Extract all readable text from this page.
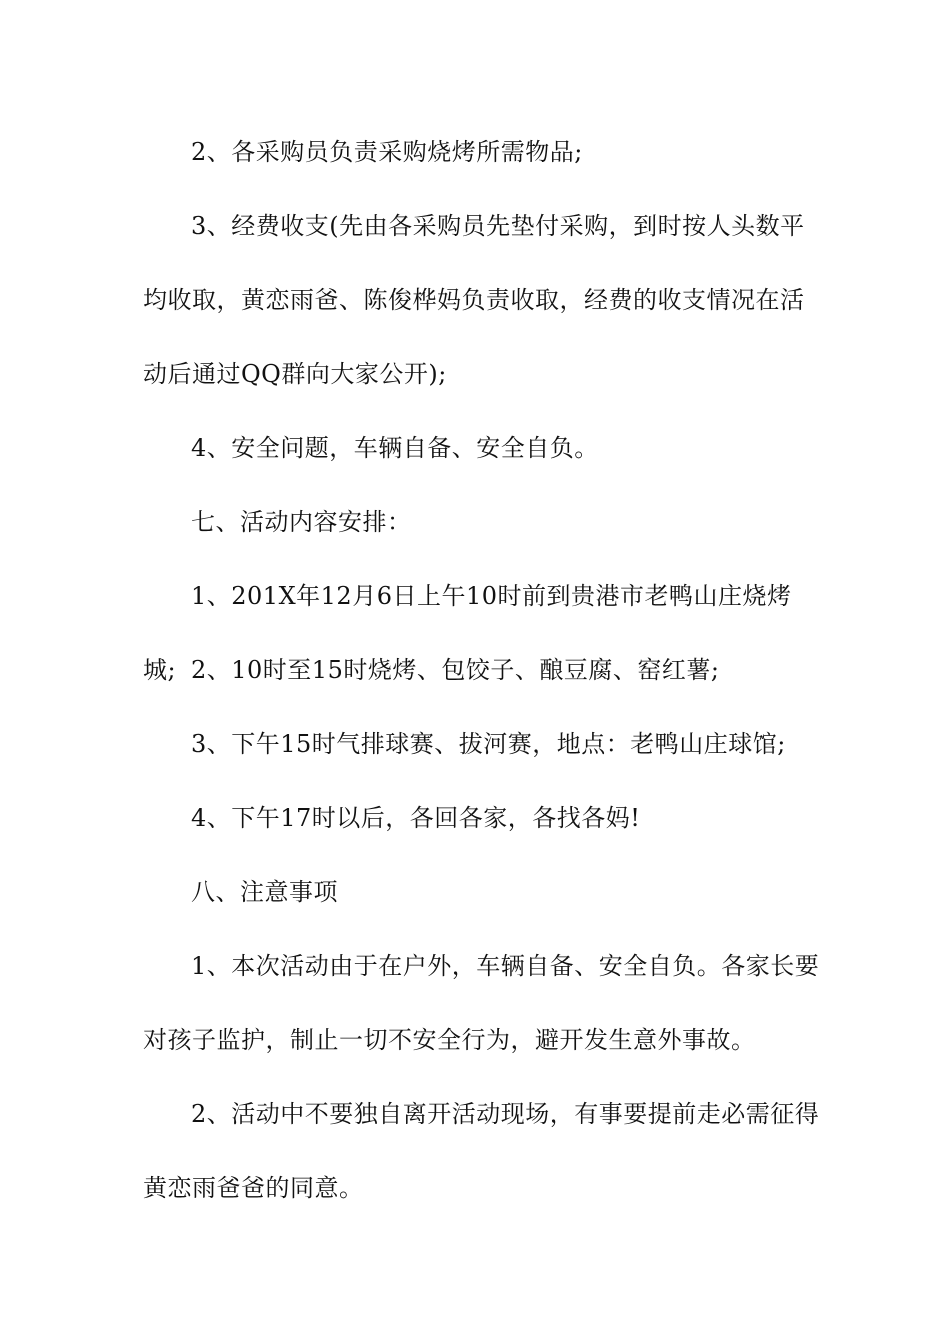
2、各采购员负责采购烧烤所需物品;

3、经费收支(先由各采购员先垫付采购，到时按人头数平均收取，黄恋雨爸、陈俊桦妈负责收取，经费的收支情况在活动后通过QQ群向大家公开);

4、安全问题，车辆自备、安全自负。

七、活动内容安排：

1、201X年12月6日上午10时前到贵港市老鸭山庄烧烤城; 2、10时至15时烧烤、包饺子、酿豆腐、窑红薯;

3、下午15时气排球赛、拔河赛，地点：老鸭山庄球馆;

4、下午17时以后，各回各家，各找各妈!

八、注意事项

1、本次活动由于在户外，车辆自备、安全自负。各家长要对孩子监护，制止一切不安全行为，避开发生意外事故。

2、活动中不要独自离开活动现场，有事要提前走必需征得黄恋雨爸爸的同意。
